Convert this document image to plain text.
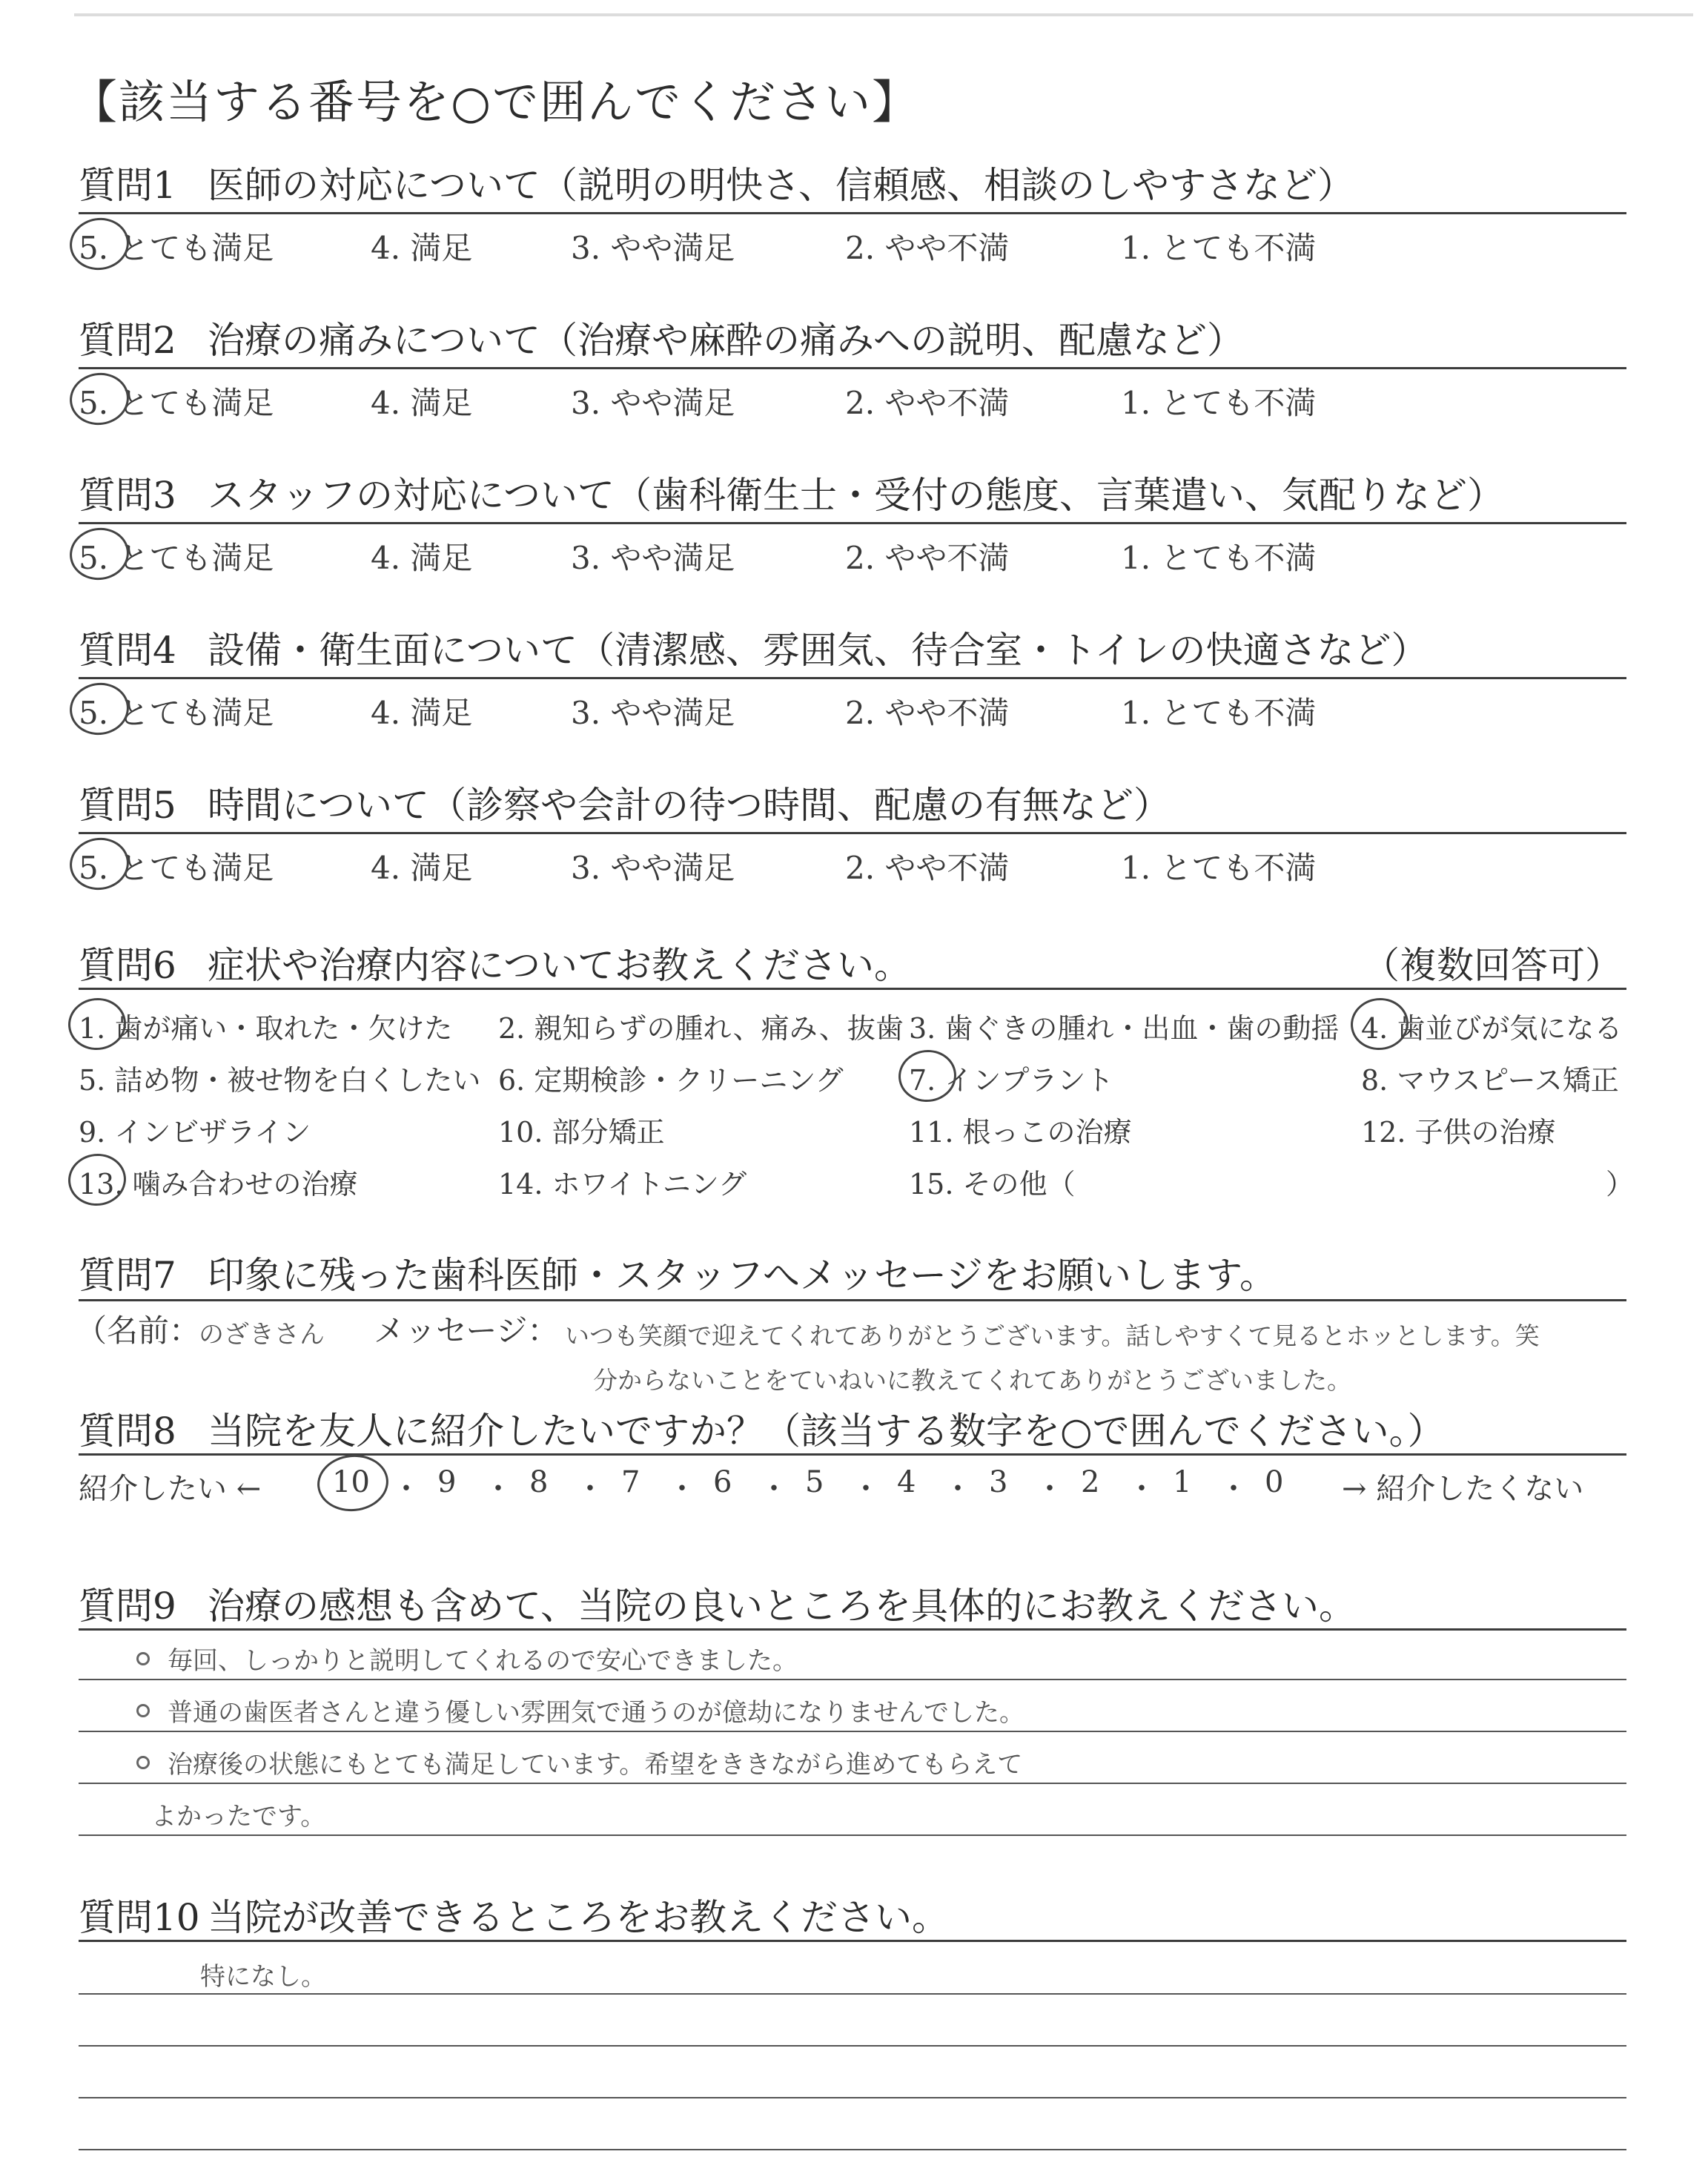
【該当する番号を○で囲んでください】
質問1 医師の対応について（説明の明快さ、信頼感、相談のしやすさなど）
5. とても満足	4. 満足	3. やや満足	2. やや不満	1. とても不満
質問2 治療の痛みについて（治療や麻酔の痛みへの説明、配慮など）
5. とても満足	4. 満足	3. やや満足	2. やや不満	1. とても不満
質問3 スタッフの対応について（歯科衛生士・受付の態度、言葉遣い、気配りなど）
5. とても満足	4. 満足	3. やや満足	2. やや不満	1. とても不満
質問4 設備・衛生面について（清潔感、雰囲気、待合室・トイレの快適さなど）
5. とても満足	4. 満足	3. やや満足	2. やや不満	1. とても不満
質問5 時間について（診察や会計の待つ時間、配慮の有無など）
5. とても満足	4. 満足	3. やや満足	2. やや不満	1. とても不満
質問6 症状や治療内容についてお教えください。	（複数回答可）
1. 歯が痛い・取れた・欠けた 2. 親知らずの腫れ、痛み、抜歯 3. 歯ぐきの腫れ・出血・歯の動揺 4. 歯並びが気になる
5. 詰め物・被せ物を白くしたい 6. 定期検診・クリーニング 7. インプラント	8. マウスピース矯正
9. インビザライン	10. 部分矯正	11. 根っこの治療	12. 子供の治療
13. 噛み合わせの治療	14. ホワイトニング	15. その他（	）
質問7 印象に残った歯科医師・スタッフへメッセージをお願いします。
（名前：
のざきさん メッセージ： いつも笑顔で迎えてくれてありがとうございます。話しやすくて見るとホッとします。笑
分からないことをていねいに教えてくれてありがとうございました。
質問8 当院を友人に紹介したいですか？（該当する数字を○で囲んでください。）
紹介したい ← 10 ・ 9 ・ 8 ・ 7 ・ 6 ・ 5 ・ 4 ・ 3 ・ 2 ・ 1 ・ 0 → 紹介したくない
質問9 治療の感想も含めて、当院の良いところを具体的にお教えください。
毎回、しっかりと説明してくれるので安心できました。
普通の歯医者さんと違う優しい雰囲気で通うのが億劫になりませんでした。
治療後の状態にもとても満足しています。希望をききながら進めてもらえて
よかったです。
質問10 当院が改善できるところをお教えください。
特になし。
